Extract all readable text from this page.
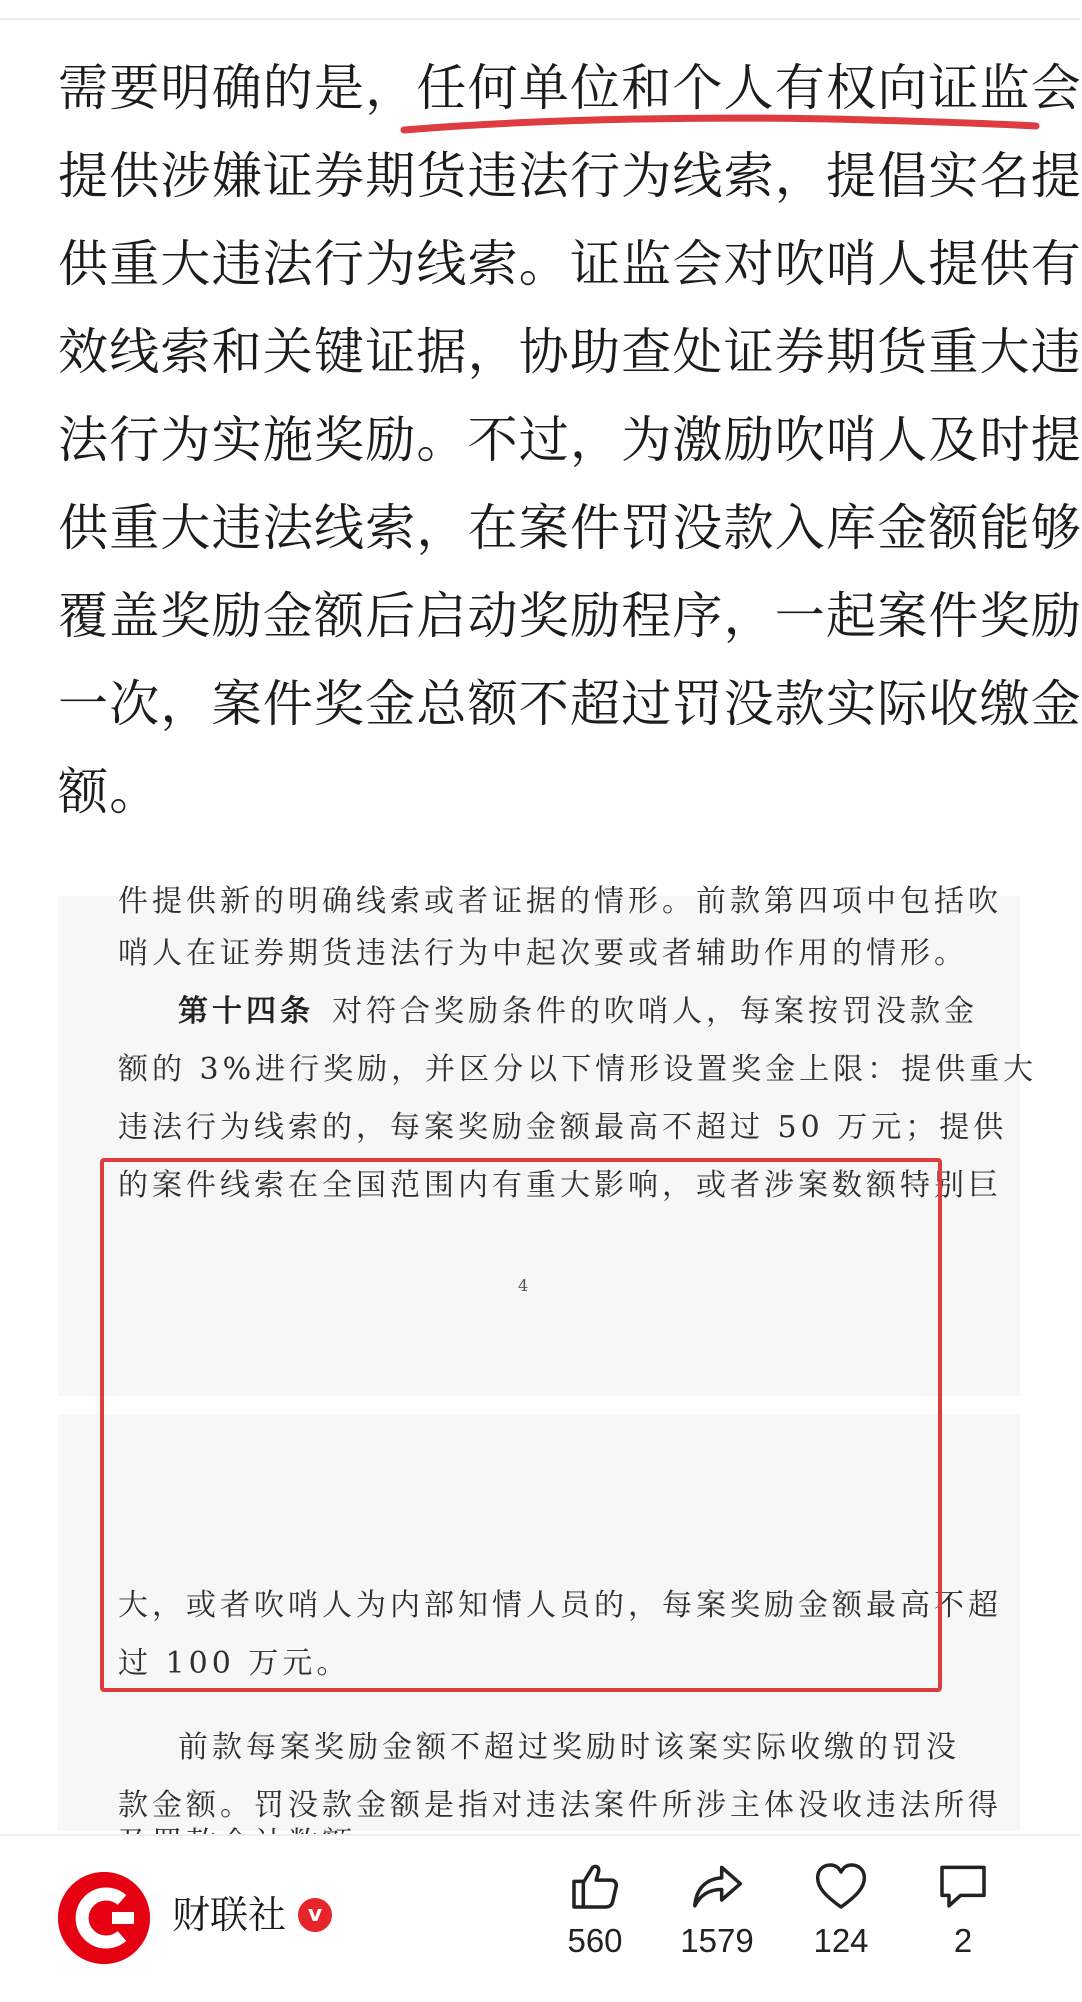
需要明确的是，任何单位和个人有权向证监会
提供涉嫌证券期货违法行为线索，提倡实名提
供重大违法行为线索。证监会对吹哨人提供有
效线索和关键证据，协助查处证券期货重大违
法行为实施奖励。不过，为激励吹哨人及时提
供重大违法线索，在案件罚没款入库金额能够
覆盖奖励金额后启动奖励程序，一起案件奖励
一次，案件奖金总额不超过罚没款实际收缴金
额。
件提供新的明确线索或者证据的情形。前款第四项中包括吹
哨人在证券期货违法行为中起次要或者辅助作用的情形。
第十四条 对符合奖励条件的吹哨人，每案按罚没款金
额的 3%进行奖励，并区分以下情形设置奖金上限：提供重大
违法行为线索的，每案奖励金额最高不超过 50 万元；提供
的案件线索在全国范围内有重大影响，或者涉案数额特别巨
4
大，或者吹哨人为内部知情人员的，每案奖励金额最高不超
过 100 万元。
前款每案奖励金额不超过奖励时该案实际收缴的罚没
款金额。罚没款金额是指对违法案件所涉主体没收违法所得
财联社 v
560	1579	124	2
